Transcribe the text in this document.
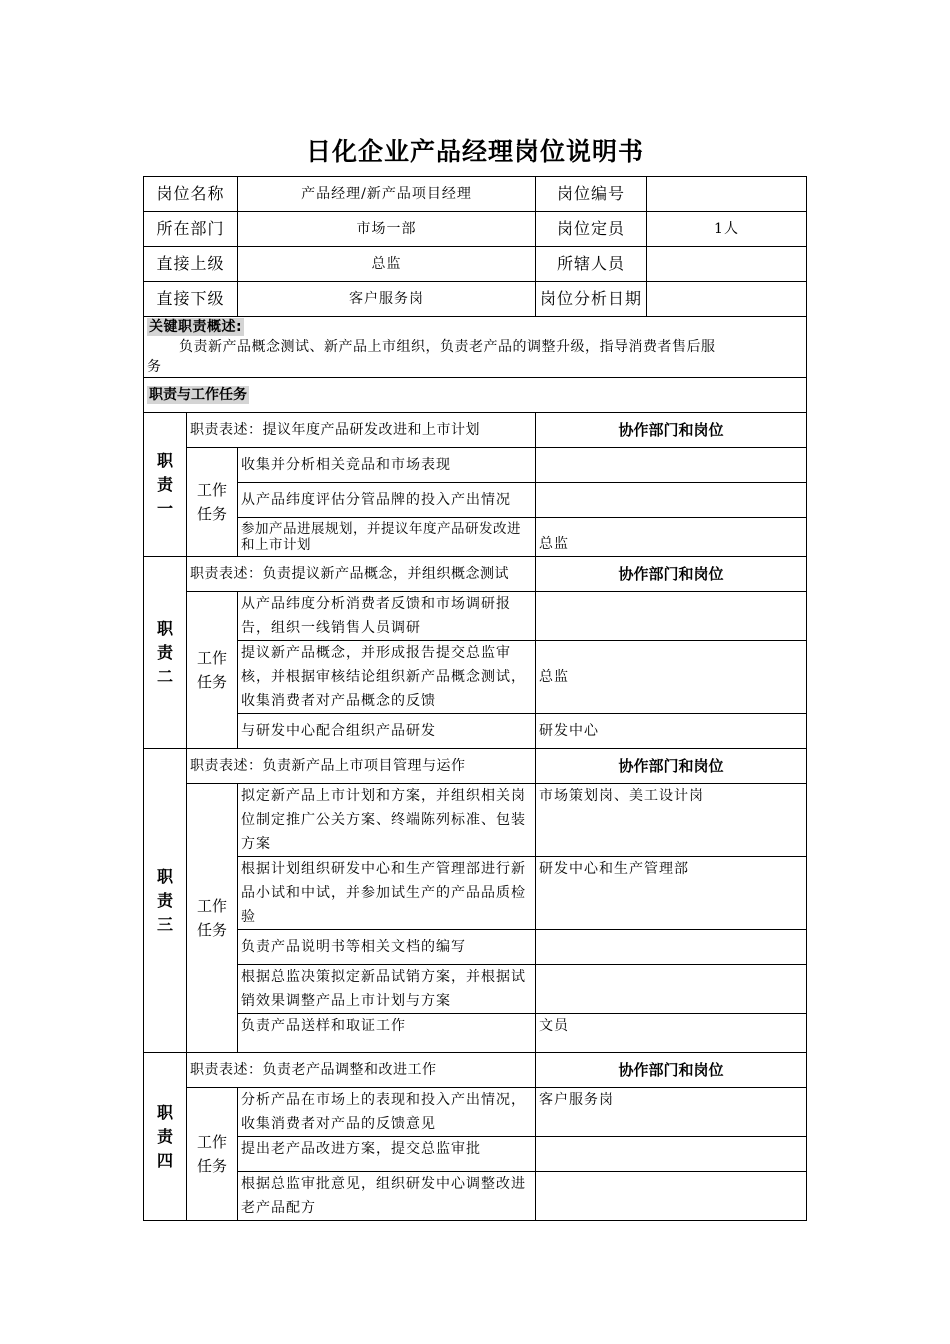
日化企业产品经理岗位说明书
岗位名称		产品经理/新产品项目经理	岗位编号	
所在部门		市场一部	岗位定员	1人
直接上级		总监	所辖人员	
直接下级		客户服务岗	岗位分析日期	

关键职责概述:
负责新产品概念测试、新产品上市组织，负责老产品的调整升级，指导消费者售后服
务				

职责与工作任务				
职责一	职责表述：提议年度产品研发改进和上市计划		协作部门和岗位	
	工作任务	收集并分析相关竞品和市场表现		
		从产品纬度评估分管品牌的投入产出情况		
		参加产品进展规划，并提议年度产品研发改进和上市计划	总监	
职责二	职责表述：负责提议新产品概念，并组织概念测试		协作部门和岗位	
	工作任务	从产品纬度分析消费者反馈和市场调研报告，组织一线销售人员调研		
		提议新产品概念，并形成报告提交总监审核，并根据审核结论组织新产品概念测试，收集消费者对产品概念的反馈	总监	
		与研发中心配合组织产品研发	研发中心	
职责三	职责表述：负责新产品上市项目管理与运作		协作部门和岗位	
	工作任务	拟定新产品上市计划和方案，并组织相关岗位制定推广公关方案、终端陈列标准、包装方案	市场策划岗、美工设计岗	
		根据计划组织研发中心和生产管理部进行新品小试和中试，并参加试生产的产品品质检验	研发中心和生产管理部	
		负责产品说明书等相关文档的编写		
		根据总监决策拟定新品试销方案，并根据试销效果调整产品上市计划与方案		
		负责产品送样和取证工作	文员	
职责四	职责表述：负责老产品调整和改进工作		协作部门和岗位	
	工作任务	分析产品在市场上的表现和投入产出情况，收集消费者对产品的反馈意见	客户服务岗	
		提出老产品改进方案，提交总监审批		
		根据总监审批意见，组织研发中心调整改进老产品配方		
